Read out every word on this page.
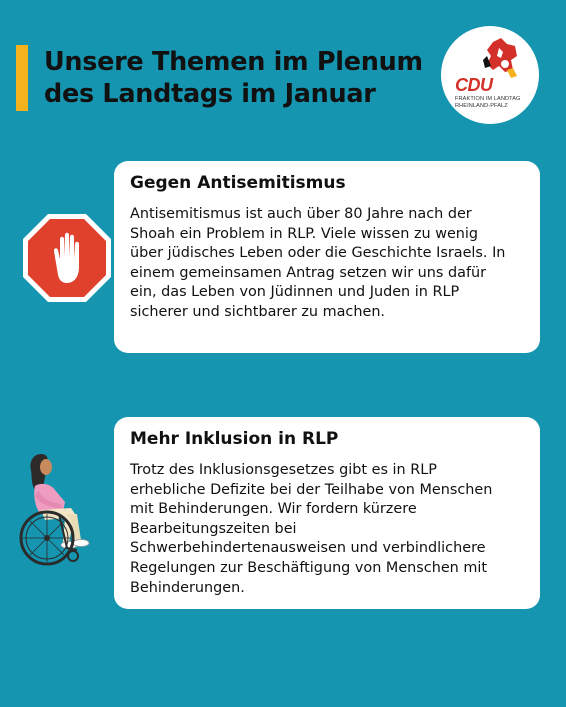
Unsere Themen im Plenum
des Landtags im Januar	CDU
FRAKTION IM LANDTAG
RHEINLAND-PFALZ
Gegen Antisemitismus

Antisemitismus ist auch über 80 Jahre nach der
Shoah ein Problem in RLP. Viele wissen zu wenig
über jüdisches Leben oder die Geschichte Israels. In
einem gemeinsamen Antrag setzen wir uns dafür
ein, das Leben von Jüdinnen und Juden in RLP
sicherer und sichtbarer zu machen.

Mehr Inklusion in RLP

Trotz des Inklusionsgesetzes gibt es in RLP
erhebliche Defizite bei der Teilhabe von Menschen
mit Behinderungen. Wir fordern kürzere
Bearbeitungszeiten bei
Schwerbehindertenausweisen und verbindlichere
Regelungen zur Beschäftigung von Menschen mit
Behinderungen.
